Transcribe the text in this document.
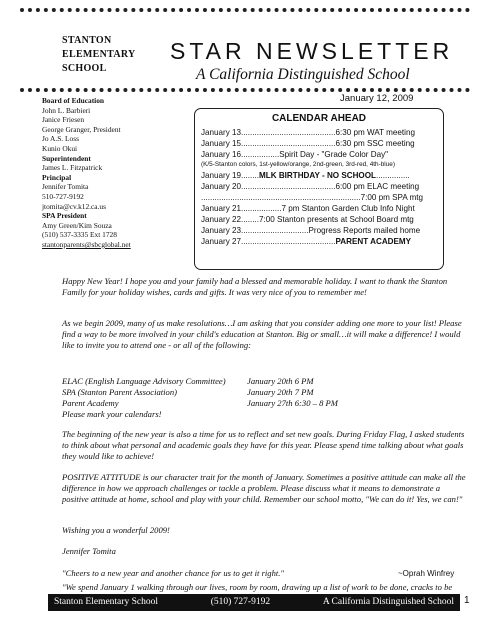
STANTON
ELEMENTARY
SCHOOL
STAR NEWSLETTER
A California Distinguished School
Board of Education
John L. Barbieri
Janice Friesen
George Granger, President
Jo A.S. Loss
Kunio Okui
Superintendent
James L. Fitzpatrick
Principal
Jennifer Tomita
510-727-9192
jtomita@cv.k12.ca.us
SPA President
Amy Green/Kim Souza
(510) 537-3335 Ext 1728
stantonparents@sbcglobal.net
January 12, 2009
CALENDAR AHEAD
January 13..........................................6:30 pm WAT meeting
January 15..........................................6:30 pm SSC meeting
January 16.................Spirit Day - "Grade Color Day"
(K/5-Stanton colors, 1st-yellow/orange, 2nd-green, 3rd-red, 4th-blue)
January 19........MLK BIRTHDAY - NO SCHOOL...............
January 20..........................................6:00 pm ELAC meeting
.......................................................................7:00 pm SPA mtg
January 21..................7 pm Stanton Garden Club Info Night
January 22........7:00 Stanton presents at School Board mtg
January 23..............................Progress Reports mailed home
January 27..........................................PARENT ACADEMY
Happy New Year! I hope you and your family had a blessed and memorable holiday. I want to thank the Stanton Family for your holiday wishes, cards and gifts. It was very nice of you to remember me!
As we begin 2009, many of us make resolutions…I am asking that you consider adding one more to your list! Please find a way to be more involved in your child's education at Stanton. Big or small…it will make a difference! I would like to invite you to attend one - or all of the following:
ELAC (English Language Advisory Committee) January 20th 6 PM
SPA (Stanton Parent Association)	January 20th 7 PM
Parent Academy	January 27th 6:30 – 8 PM
Please mark your calendars!
The beginning of the new year is also a time for us to reflect and set new goals. During Friday Flag, I asked students to think about what personal and academic goals they have for this year. Please spend time talking about what goals they would like to achieve!
POSITIVE ATTITUDE is our character trait for the month of January. Sometimes a positive attitude can make all the difference in how we approach challenges or tackle a problem. Please discuss what it means to demonstrate a positive attitude at home, school and play with your child. Remember our school motto, "We can do it! Yes, we can!"
Wishing you a wonderful 2009!
Jennifer Tomita
"Cheers to a new year and another chance for us to get it right."	~Oprah Winfrey
"We spend January 1 walking through our lives, room by room, drawing up a list of work to be done, cracks to be
Stanton Elementary School	(510) 727-9192	A California Distinguished School 1
